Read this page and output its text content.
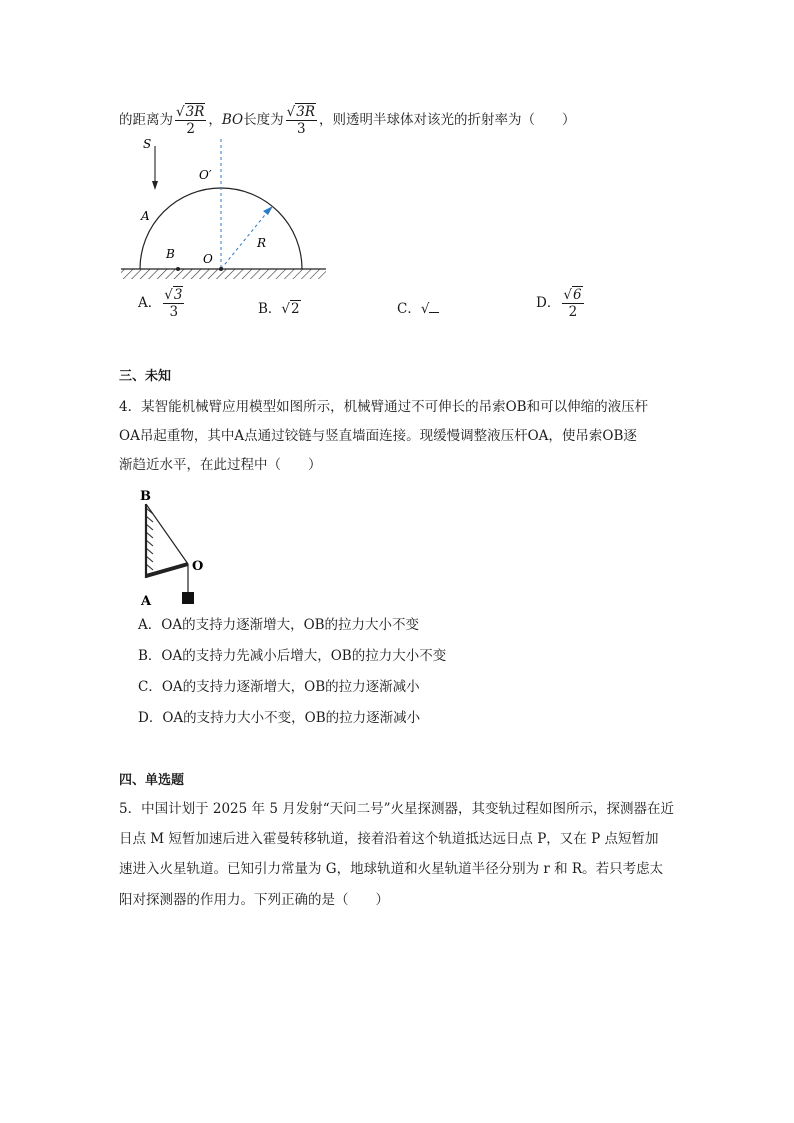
的距离为 $\frac{√3R}{2}$ ，BO长度为 $\frac{√3R}{3}$ ，则透明半球体对该光的折射率为（　　）
S
A
O′
B O
R
A． $\frac{√3}{3}$	B．√2	C．√	D． $\frac{√6}{2}$
三、未知
4．某智能机械臂应用模型如图所示，机械臂通过不可伸长的吊索OB和可以伸缩的液压杆
OA吊起重物，其中A点通过铰链与竖直墙面连接。现缓慢调整液压杆OA，使吊索OB逐
渐趋近水平，在此过程中（　　）
B
O
A
A．OA的支持力逐渐增大，OB的拉力大小不变
B．OA的支持力先减小后增大，OB的拉力大小不变
C．OA的支持力逐渐增大，OB的拉力逐渐减小
D．OA的支持力大小不变，OB的拉力逐渐减小
四、单选题
5．中国计划于 2025 年 5 月发射“天问二号”火星探测器，其变轨过程如图所示，探测器在近
日点 M 短暂加速后进入霍曼转移轨道，接着沿着这个轨道抵达远日点 P，又在 P 点短暂加
速进入火星轨道。已知引力常量为 G，地球轨道和火星轨道半径分别为 r 和 R。若只考虑太
阳对探测器的作用力。下列正确的是（　　）
